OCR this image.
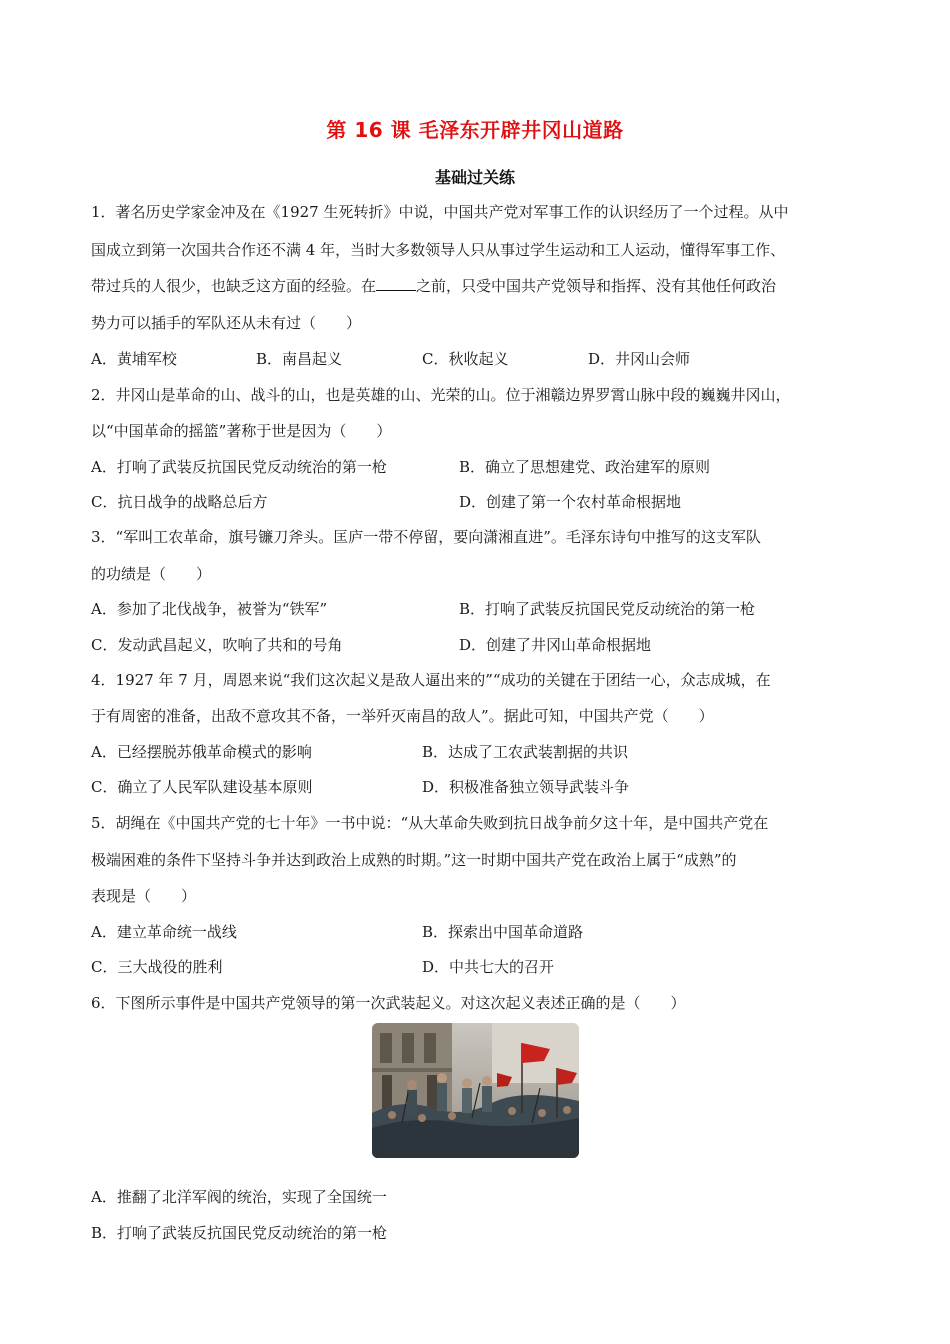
第 16 课 毛泽东开辟井冈山道路
基础过关练
1．著名历史学家金冲及在《1927 生死转折》中说，中国共产党对军事工作的认识经历了一个过程。从中
国成立到第一次国共合作还不满 4 年，当时大多数领导人只从事过学生运动和工人运动，懂得军事工作、
带过兵的人很少，也缺乏这方面的经验。在	之前，只受中国共产党领导和指挥、没有其他任何政治
势力可以插手的军队还从未有过（　　）
A．黄埔军校	B．南昌起义	C．秋收起义	D．井冈山会师
2．井冈山是革命的山、战斗的山，也是英雄的山、光荣的山。位于湘赣边界罗霄山脉中段的巍巍井冈山，
以“中国革命的摇篮”著称于世是因为（　　）
A．打响了武装反抗国民党反动统治的第一枪	B．确立了思想建党、政治建军的原则
C．抗日战争的战略总后方	D．创建了第一个农村革命根据地
3．“军叫工农革命，旗号镰刀斧头。匡庐一带不停留，要向潇湘直进”。毛泽东诗句中推写的这支军队
的功绩是（　　）
A．参加了北伐战争，被誉为“铁军”	B．打响了武装反抗国民党反动统治的第一枪
C．发动武昌起义，吹响了共和的号角	D．创建了井冈山革命根据地
4．1927 年 7 月，周恩来说“我们这次起义是敌人逼出来的”“成功的关键在于团结一心，众志成城，在
于有周密的准备，出敌不意攻其不备，一举歼灭南昌的敌人”。据此可知，中国共产党（　　）
A．已经摆脱苏俄革命模式的影响	B．达成了工农武装割据的共识
C．确立了人民军队建设基本原则	D．积极准备独立领导武装斗争
5．胡绳在《中国共产党的七十年》一书中说：“从大革命失败到抗日战争前夕这十年，是中国共产党在
极端困难的条件下坚持斗争并达到政治上成熟的时期。”这一时期中国共产党在政治上属于“成熟”的
表现是（　　）
A．建立革命统一战线	B．探索出中国革命道路
C．三大战役的胜利	D．中共七大的召开
6．下图所示事件是中国共产党领导的第一次武装起义。对这次起义表述正确的是（　　）
A．推翻了北洋军阀的统治，实现了全国统一
B．打响了武装反抗国民党反动统治的第一枪
